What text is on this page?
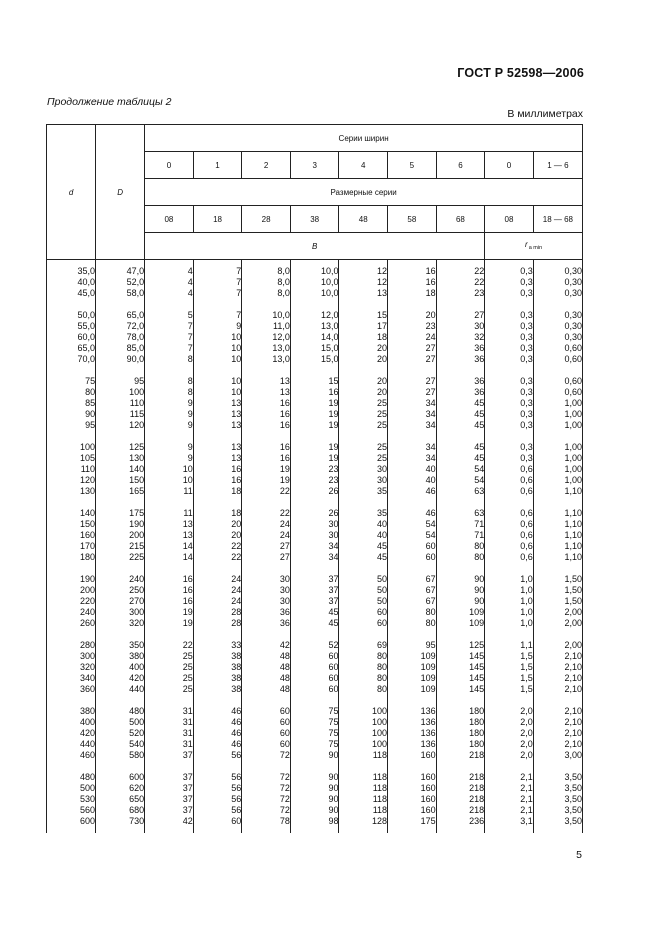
ГОСТ Р 52598—2006
Продолжение таблицы 2
В миллиметрах
d	D	Серии ширин								
		0	1	2	3	4	5	6	0	1 — 6
		Размерные серии								
		08	18	28	38	48	58	68	08	18 — 68
		B							$r_{a min}$

35,0	47,0	4	7	8,0	10,0	12	16	22	0,3	0,30
40,0	52,0	4	7	8,0	10,0	12	16	22	0,3	0,30
45,0	58,0	4	7	8,0	10,0	13	18	23	0,3	0,30

50,0	65,0	5	7	10,0	12,0	15	20	27	0,3	0,30
55,0	72,0	7	9	11,0	13,0	17	23	30	0,3	0,30
60,0	78,0	7	10	12,0	14,0	18	24	32	0,3	0,30
65,0	85,0	7	10	13,0	15,0	20	27	36	0,3	0,60
70,0	90,0	8	10	13,0	15,0	20	27	36	0,3	0,60

75	95	8	10	13	15	20	27	36	0,3	0,60
80	100	8	10	13	16	20	27	36	0,3	0,60
85	110	9	13	16	19	25	34	45	0,3	1,00
90	115	9	13	16	19	25	34	45	0,3	1,00
95	120	9	13	16	19	25	34	45	0,3	1,00

100	125	9	13	16	19	25	34	45	0,3	1,00
105	130	9	13	16	19	25	34	45	0,3	1,00
110	140	10	16	19	23	30	40	54	0,6	1,00
120	150	10	16	19	23	30	40	54	0,6	1,00
130	165	11	18	22	26	35	46	63	0,6	1,10

140	175	11	18	22	26	35	46	63	0,6	1,10
150	190	13	20	24	30	40	54	71	0,6	1,10
160	200	13	20	24	30	40	54	71	0,6	1,10
170	215	14	22	27	34	45	60	80	0,6	1,10
180	225	14	22	27	34	45	60	80	0,6	1,10

190	240	16	24	30	37	50	67	90	1,0	1,50
200	250	16	24	30	37	50	67	90	1,0	1,50
220	270	16	24	30	37	50	67	90	1,0	1,50
240	300	19	28	36	45	60	80	109	1,0	2,00
260	320	19	28	36	45	60	80	109	1,0	2,00

280	350	22	33	42	52	69	95	125	1,1	2,00
300	380	25	38	48	60	80	109	145	1,5	2,10
320	400	25	38	48	60	80	109	145	1,5	2,10
340	420	25	38	48	60	80	109	145	1,5	2,10
360	440	25	38	48	60	80	109	145	1,5	2,10

380	480	31	46	60	75	100	136	180	2,0	2,10
400	500	31	46	60	75	100	136	180	2,0	2,10
420	520	31	46	60	75	100	136	180	2,0	2,10
440	540	31	46	60	75	100	136	180	2,0	2,10
460	580	37	56	72	90	118	160	218	2,0	3,00

480	600	37	56	72	90	118	160	218	2,1	3,50
500	620	37	56	72	90	118	160	218	2,1	3,50
530	650	37	56	72	90	118	160	218	2,1	3,50
560	680	37	56	72	90	118	160	218	2,1	3,50
600	730	42	60	78	98	128	175	236	3,1	3,50

5
